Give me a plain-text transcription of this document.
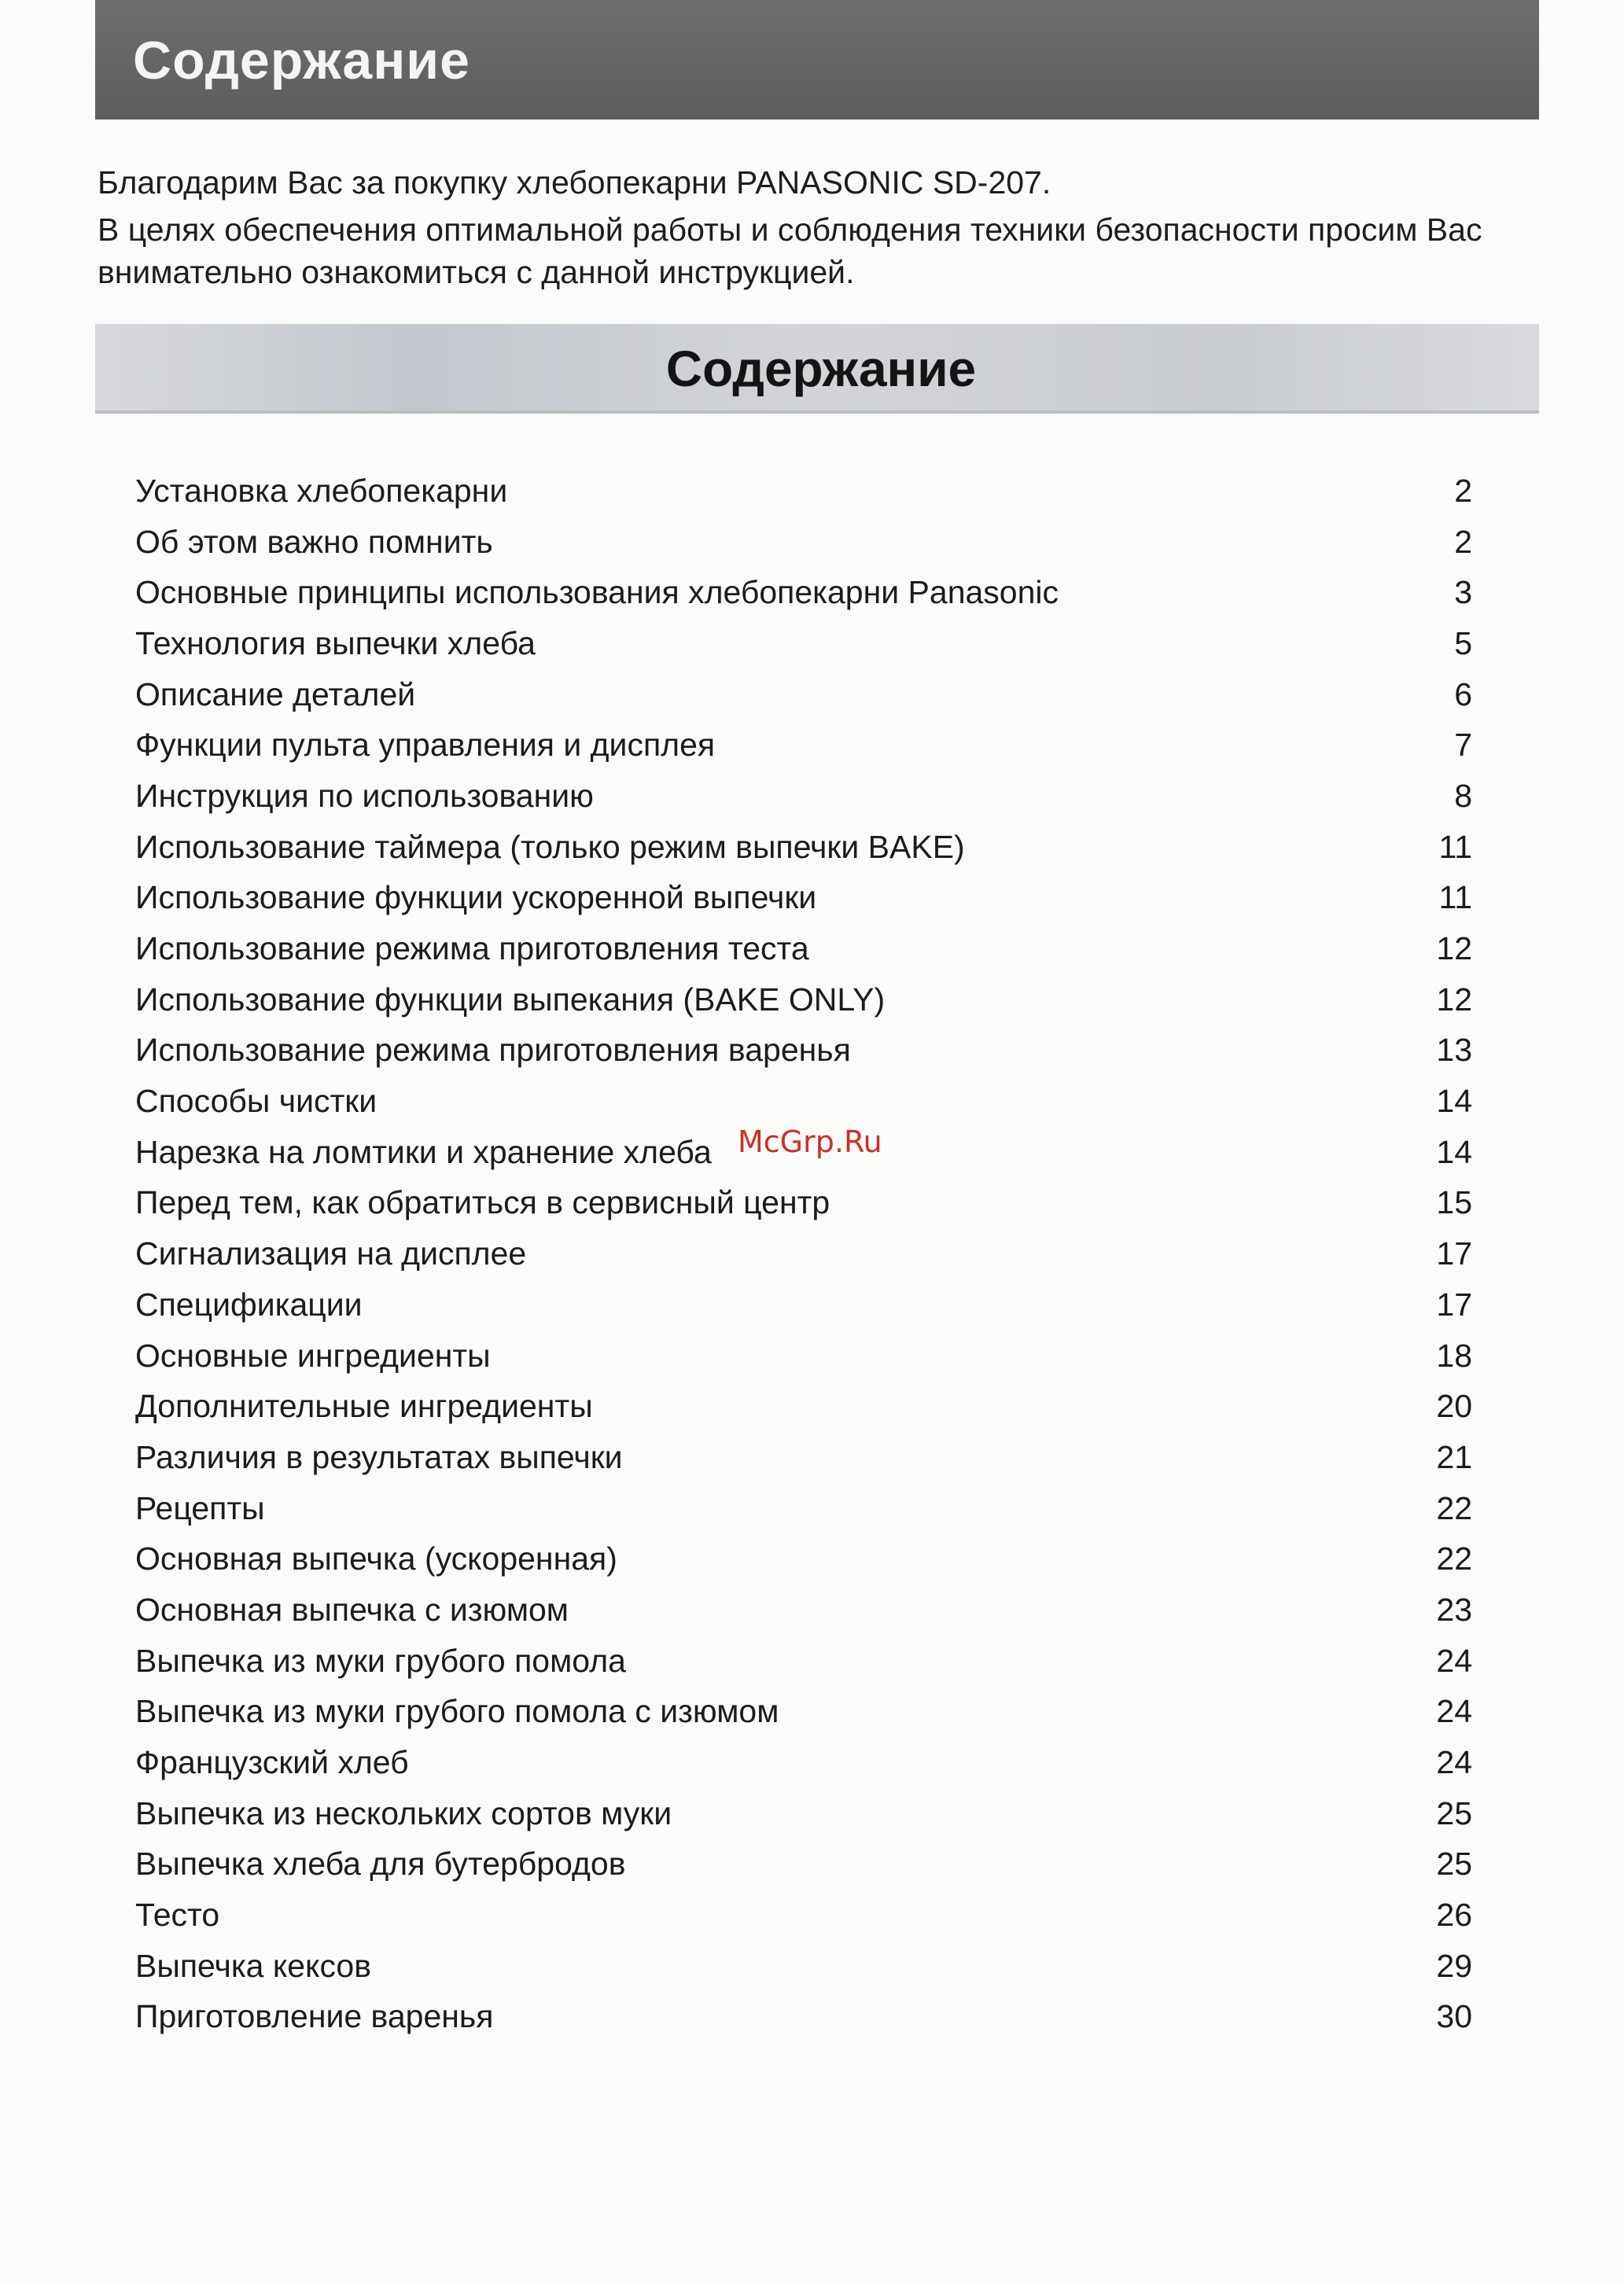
Содержание

Благодарим Вас за покупку хлебопекарни PANASONIC SD-207.

В целях обеспечения оптимальной работы и соблюдения техники безопасности просим Вас внимательно ознакомиться с данной инструкцией.

Содержание
Установка хлебопекарни	2
Об этом важно помнить	2
Основные принципы использования хлебопекарни Panasonic	3
Технология выпечки хлеба	5
Описание деталей	6
Функции пульта управления и дисплея	7
Инструкция по использованию	8
Использование таймера (только режим выпечки BAKE)	11
Использование функции ускоренной выпечки	11
Использование режима приготовления теста	12
Использование функции выпекания (BAKE ONLY)	12
Использование режима приготовления варенья	13
Способы чистки	14
Нарезка на ломтики и хранение хлеба	14
Перед тем, как обратиться в сервисный центр	15
Сигнализация на дисплее	17
Спецификации	17
Основные ингредиенты	18
Дополнительные ингредиенты	20
Различия в результатах выпечки	21
Рецепты	22
Основная выпечка (ускоренная)	22
Основная выпечка с изюмом	23
Выпечка из муки грубого помола	24
Выпечка из муки грубого помола с изюмом	24
Французский хлеб	24
Выпечка из нескольких сортов муки	25
Выпечка хлеба для бутербродов	25
Тесто	26
Выпечка кексов	29
Приготовление варенья	30
McGrp.Ru
